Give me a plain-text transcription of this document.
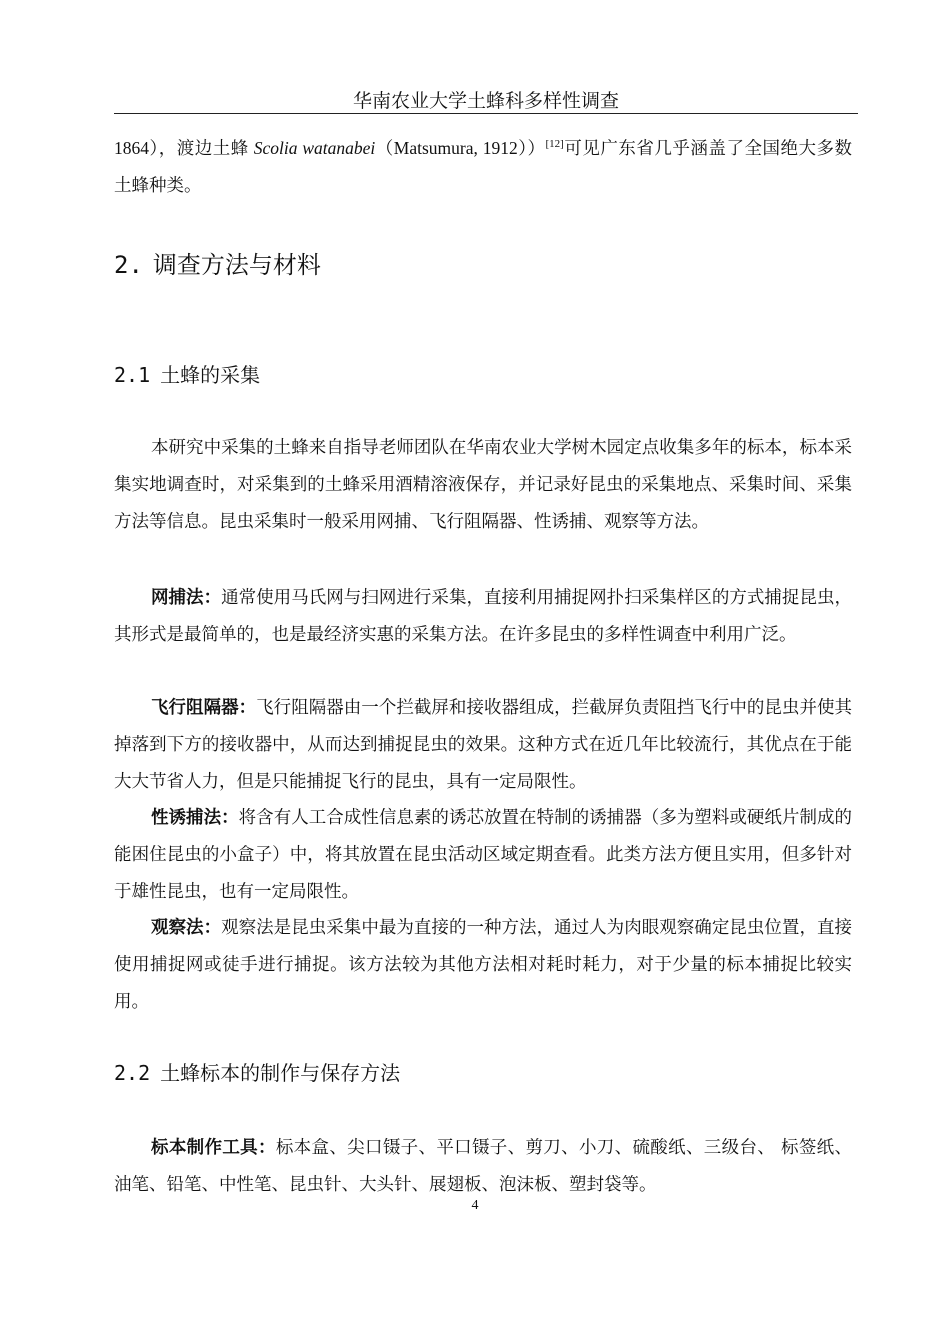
华南农业大学土蜂科多样性调查

1864），渡边土蜂 Scolia watanabei（Matsumura, 1912））[12]可见广东省几乎涵盖了全国绝大多数土蜂种类。

2. 调查方法与材料
2.1 土蜂的采集

本研究中采集的土蜂来自指导老师团队在华南农业大学树木园定点收集多年的标本，标本采集实地调查时，对采集到的土蜂采用酒精溶液保存，并记录好昆虫的采集地点、采集时间、采集方法等信息。昆虫采集时一般采用网捕、飞行阻隔器、性诱捕、观察等方法。

网捕法：通常使用马氏网与扫网进行采集，直接利用捕捉网扑扫采集样区的方式捕捉昆虫，其形式是最简单的，也是最经济实惠的采集方法。在许多昆虫的多样性调查中利用广泛。

飞行阻隔器：飞行阻隔器由一个拦截屏和接收器组成，拦截屏负责阻挡飞行中的昆虫并使其掉落到下方的接收器中，从而达到捕捉昆虫的效果。这种方式在近几年比较流行，其优点在于能大大节省人力，但是只能捕捉飞行的昆虫，具有一定局限性。

性诱捕法：将含有人工合成性信息素的诱芯放置在特制的诱捕器（多为塑料或硬纸片制成的能困住昆虫的小盒子）中，将其放置在昆虫活动区域定期查看。此类方法方便且实用，但多针对于雄性昆虫，也有一定局限性。

观察法：观察法是昆虫采集中最为直接的一种方法，通过人为肉眼观察确定昆虫位置，直接使用捕捉网或徒手进行捕捉。该方法较为其他方法相对耗时耗力，对于少量的标本捕捉比较实用。

2.2 土蜂标本的制作与保存方法

标本制作工具：标本盒、尖口镊子、平口镊子、剪刀、小刀、硫酸纸、三级台、 标签纸、油笔、铅笔、中性笔、昆虫针、大头针、展翅板、泡沫板、塑封袋等。

4
